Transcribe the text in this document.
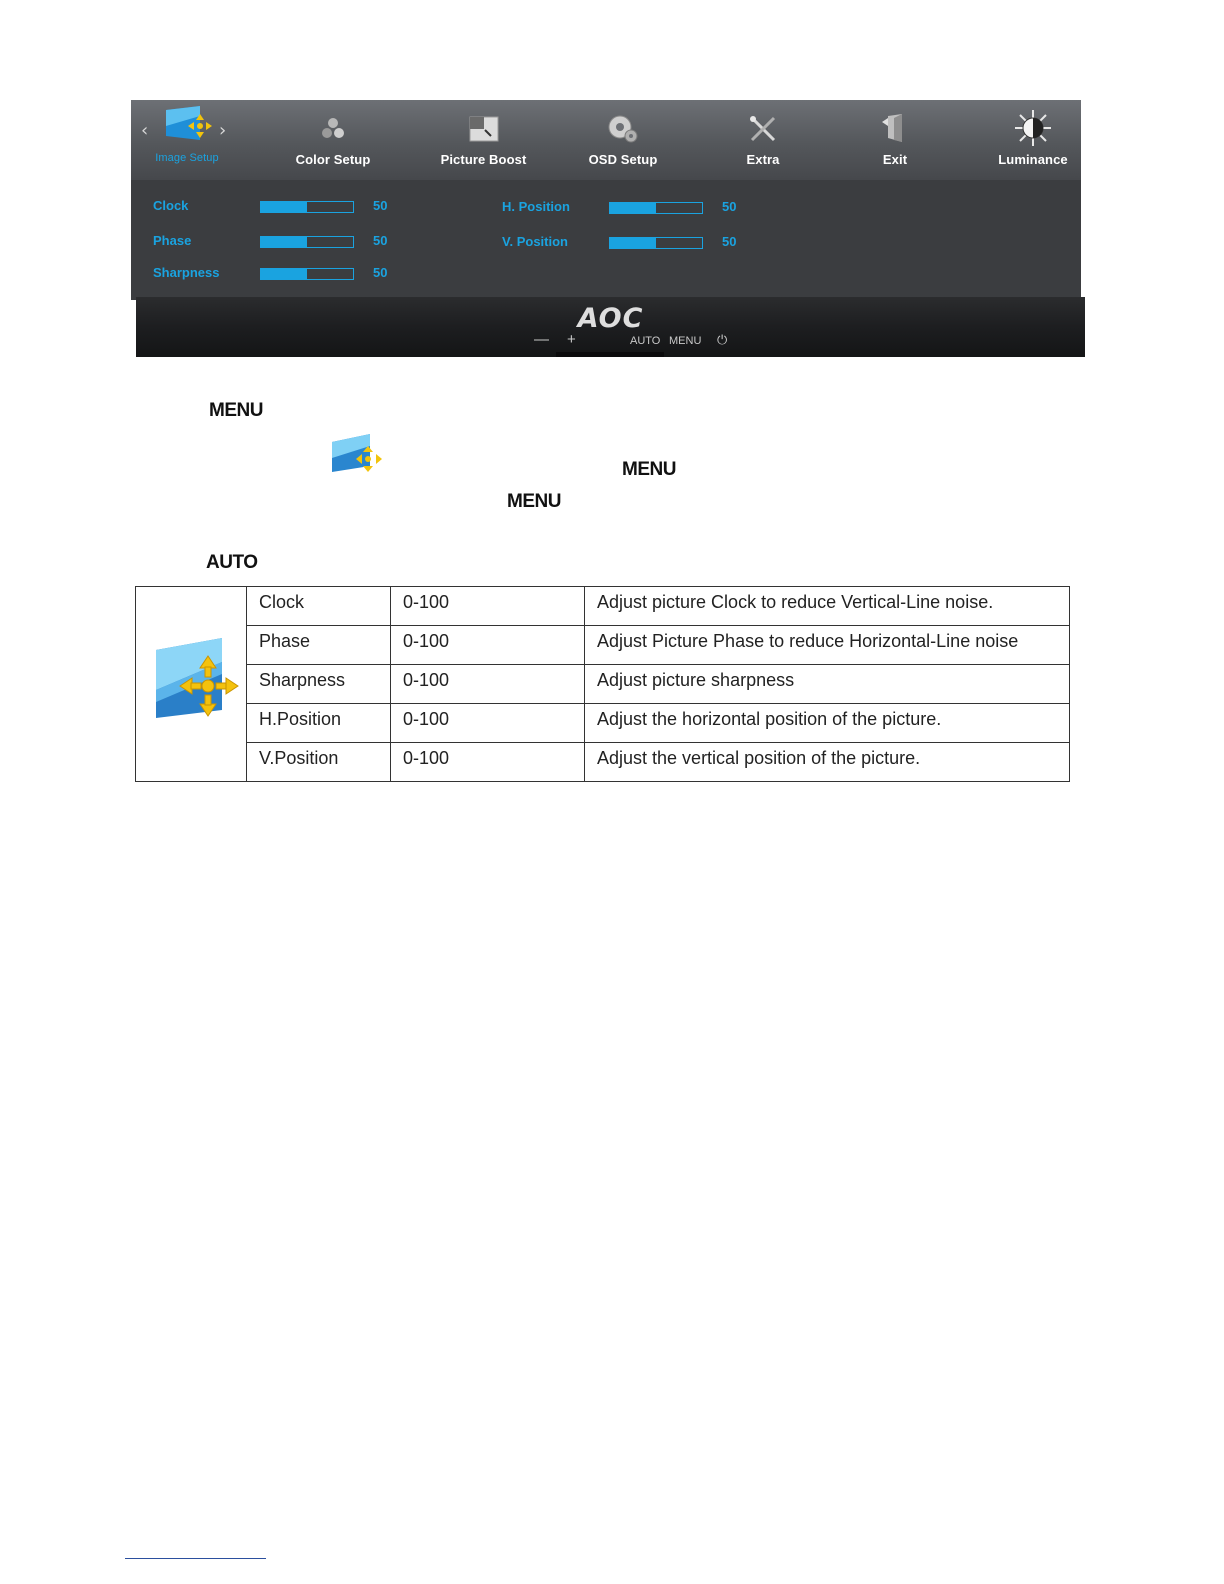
‹	›
Image Setup	Color Setup	Picture Boost	OSD Setup	Extra	Exit	Luminance
Clock	50
Phase	50
Sharpness	50
H. Position	50
V. Position	50
AOC
— +	AUTO MENU ⏻
MENU
MENU
MENU
AUTO
	Clock	0-100	Adjust picture Clock to reduce Vertical-Line noise.
	Phase	0-100	Adjust Picture Phase to reduce Horizontal-Line noise
	Sharpness	0-100	Adjust picture sharpness
	H.Position	0-100	Adjust the horizontal position of the picture.
	V.Position	0-100	Adjust the vertical position of the picture.
